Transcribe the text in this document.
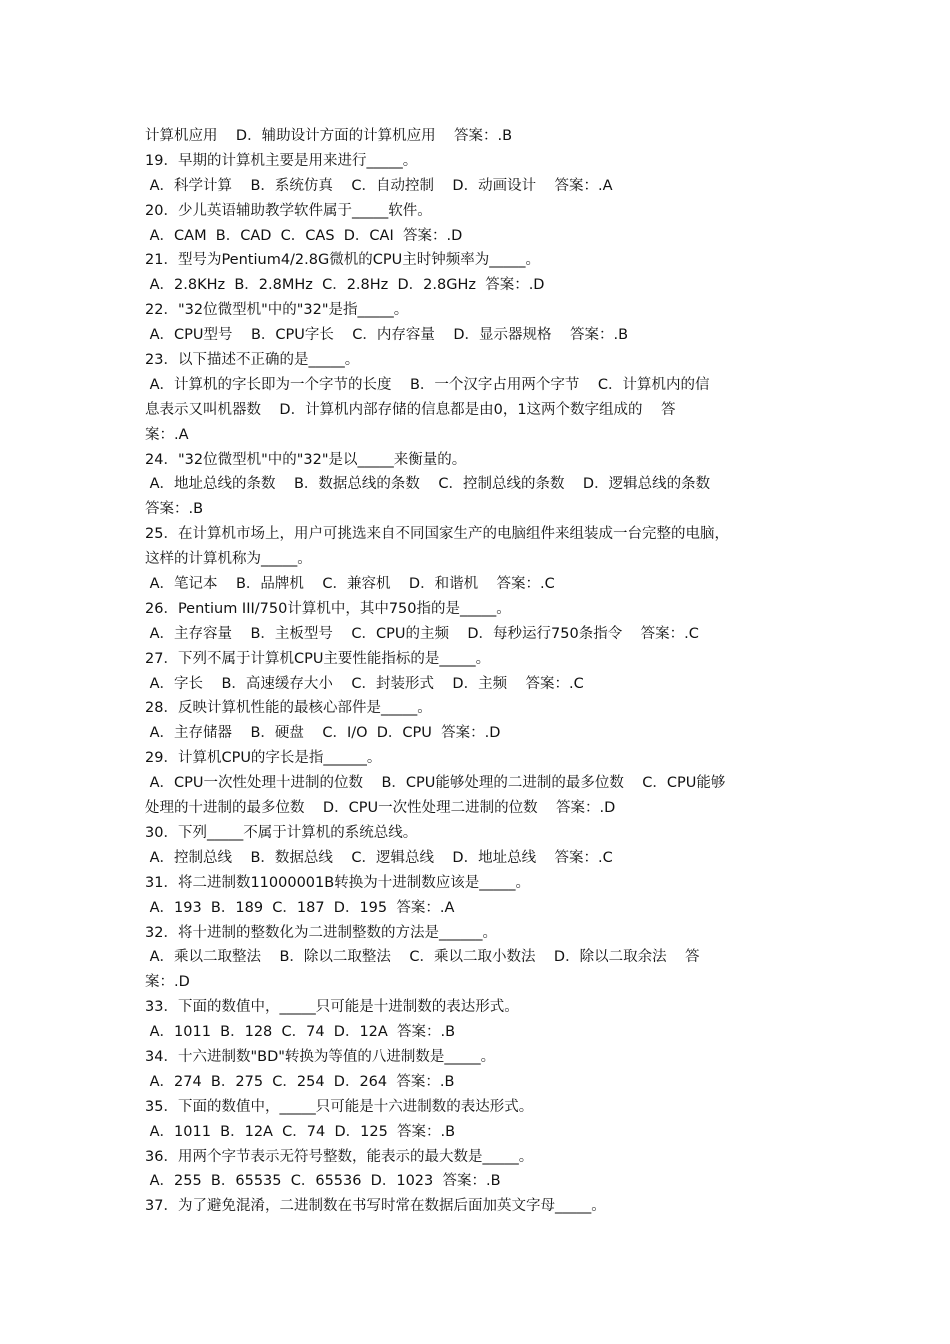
计算机应用    D．辅助设计方面的计算机应用    答案：.B
19．早期的计算机主要是用来进行_____。
A．科学计算    B．系统仿真    C．自动控制    D．动画设计    答案：.A
20．少儿英语辅助教学软件属于_____软件。
A．CAM  B．CAD  C．CAS  D．CAI  答案：.D
21．型号为Pentium4/2.8G微机的CPU主时钟频率为_____。
A．2.8KHz  B．2.8MHz  C．2.8Hz  D．2.8GHz  答案：.D
22．"32位微型机"中的"32"是指_____。
A．CPU型号    B．CPU字长    C．内存容量    D．显示器规格    答案：.B
23．以下描述不正确的是_____。
A．计算机的字长即为一个字节的长度    B．一个汉字占用两个字节    C．计算机内的信
息表示又叫机器数    D．计算机内部存储的信息都是由0，1这两个数字组成的    答
案：.A
24．"32位微型机"中的"32"是以_____来衡量的。
A．地址总线的条数    B．数据总线的条数    C．控制总线的条数    D．逻辑总线的条数
答案：.B
25．在计算机市场上，用户可挑选来自不同国家生产的电脑组件来组装成一台完整的电脑，
这样的计算机称为_____。
A．笔记本    B．品牌机    C．兼容机    D．和谐机    答案：.C
26．Pentium III/750计算机中，其中750指的是_____。
A．主存容量    B．主板型号    C．CPU的主频    D．每秒运行750条指令    答案：.C
27．下列不属于计算机CPU主要性能指标的是_____。
A．字长    B．高速缓存大小    C．封装形式    D．主频    答案：.C
28．反映计算机性能的最核心部件是_____。
A．主存储器    B．硬盘    C．I/O  D．CPU  答案：.D
29．计算机CPU的字长是指______。
A．CPU一次性处理十进制的位数    B．CPU能够处理的二进制的最多位数    C．CPU能够
处理的十进制的最多位数    D．CPU一次性处理二进制的位数    答案：.D
30．下列_____不属于计算机的系统总线。
A．控制总线    B．数据总线    C．逻辑总线    D．地址总线    答案：.C
31．将二进制数11000001B转换为十进制数应该是_____。
A．193  B．189  C．187  D．195  答案：.A
32．将十进制的整数化为二进制整数的方法是______。
A．乘以二取整法    B．除以二取整法    C．乘以二取小数法    D．除以二取余法    答
案：.D
33．下面的数值中，_____只可能是十进制数的表达形式。
A．1011  B．128  C．74  D．12A  答案：.B
34．十六进制数"BD"转换为等值的八进制数是_____。
A．274  B．275  C．254  D．264  答案：.B
35．下面的数值中，_____只可能是十六进制数的表达形式。
A．1011  B．12A  C．74  D．125  答案：.B
36．用两个字节表示无符号整数，能表示的最大数是_____。
A．255  B．65535  C．65536  D．1023  答案：.B
37．为了避免混淆，二进制数在书写时常在数据后面加英文字母_____。
